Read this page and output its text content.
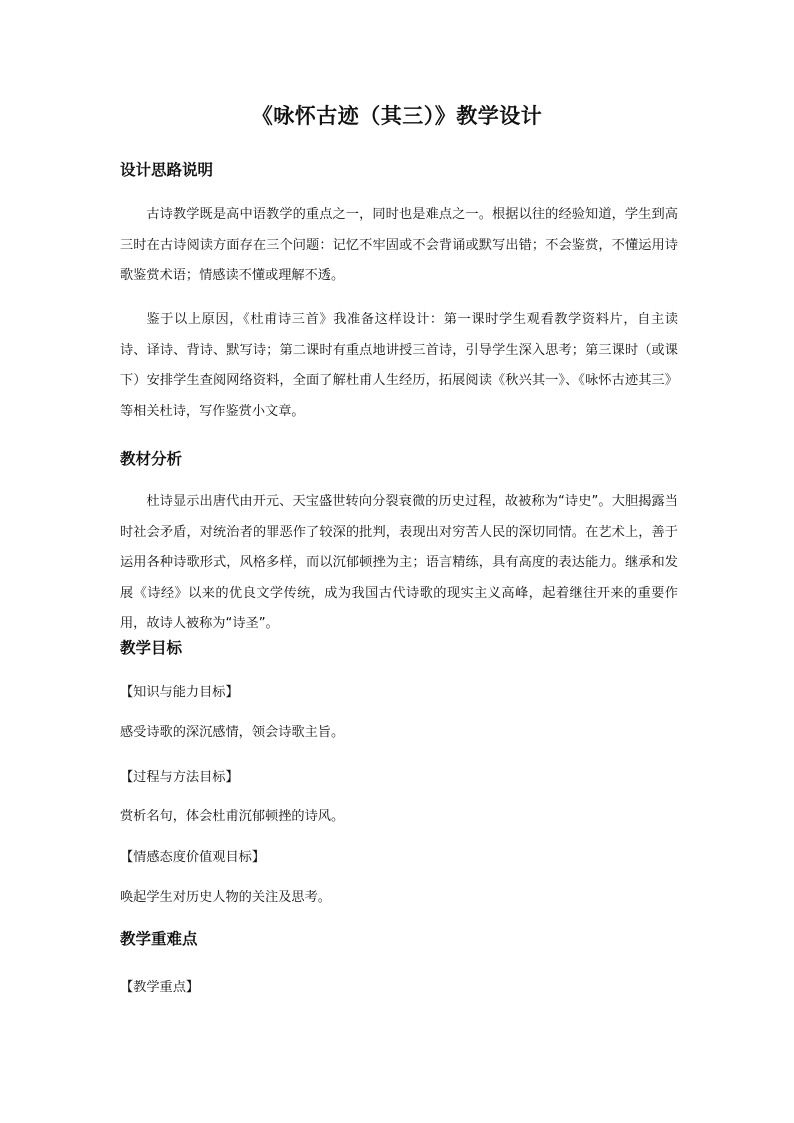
《咏怀古迹（其三）》教学设计
设计思路说明
古诗教学既是高中语教学的重点之一，同时也是难点之一。根据以往的经验知道，学生到高三时在古诗阅读方面存在三个问题：记忆不牢固或不会背诵或默写出错；不会鉴赏，不懂运用诗歌鉴赏术语；情感读不懂或理解不透。
鉴于以上原因，《杜甫诗三首》我准备这样设计：第一课时学生观看教学资料片，自主读诗、译诗、背诗、默写诗；第二课时有重点地讲授三首诗，引导学生深入思考；第三课时（或课下）安排学生查阅网络资料，全面了解杜甫人生经历，拓展阅读《秋兴其一》、《咏怀古迹其三》等相关杜诗，写作鉴赏小文章。
教材分析
杜诗显示出唐代由开元、天宝盛世转向分裂衰微的历史过程，故被称为“诗史”。大胆揭露当时社会矛盾，对统治者的罪恶作了较深的批判，表现出对穷苦人民的深切同情。在艺术上，善于运用各种诗歌形式，风格多样，而以沉郁顿挫为主；语言精练，具有高度的表达能力。继承和发展《诗经》以来的优良文学传统，成为我国古代诗歌的现实主义高峰，起着继往开来的重要作用，故诗人被称为“诗圣”。
教学目标
【知识与能力目标】
感受诗歌的深沉感情，领会诗歌主旨。
【过程与方法目标】
赏析名句，体会杜甫沉郁顿挫的诗风。
【情感态度价值观目标】
唤起学生对历史人物的关注及思考。
教学重难点
【教学重点】
